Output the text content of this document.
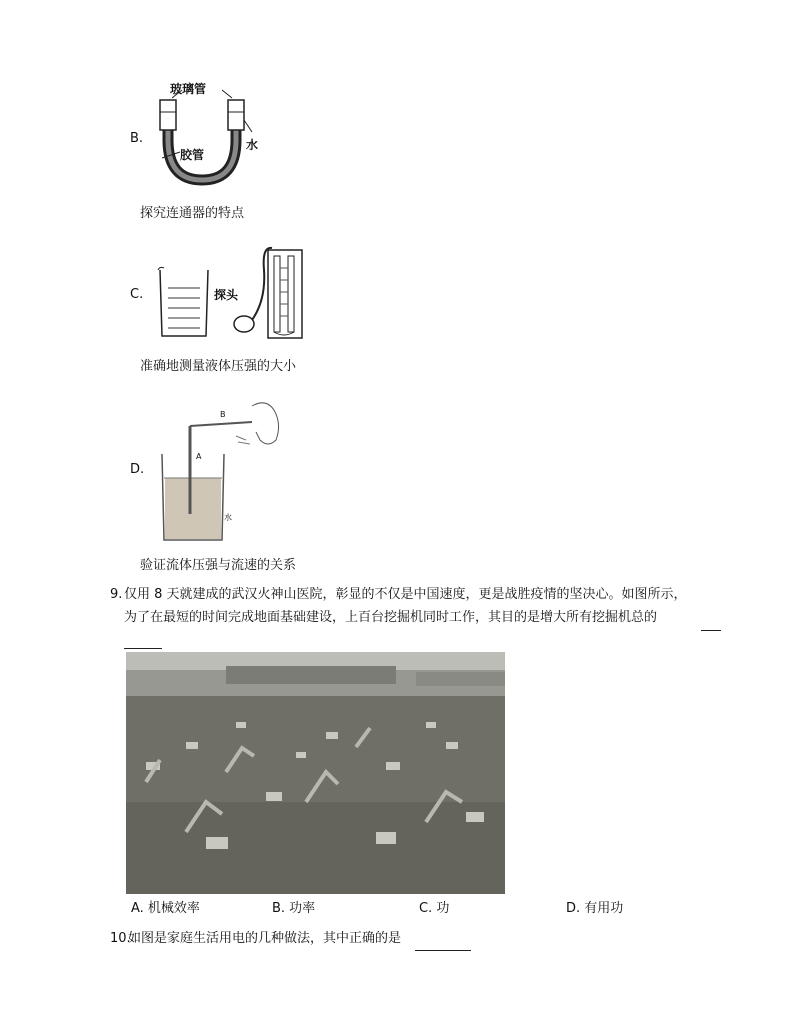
B.
玻璃管
水
胶管
探究连通器的特点
C.	探头
准确地测量液体压强的大小
D.
A
B
水
验证流体压强与流速的关系
9. 仅用 8 天就建成的武汉火神山医院，彰显的不仅是中国速度，更是战胜疫情的坚决心。如图所示，
为了在最短的时间完成地面基础建设，上百台挖掘机同时工作，其目的是增大所有挖掘机总的
A. 机械效率	B. 功率	C. 功	D. 有用功
10.
如图是家庭生活用电的几种做法，其中正确的是
